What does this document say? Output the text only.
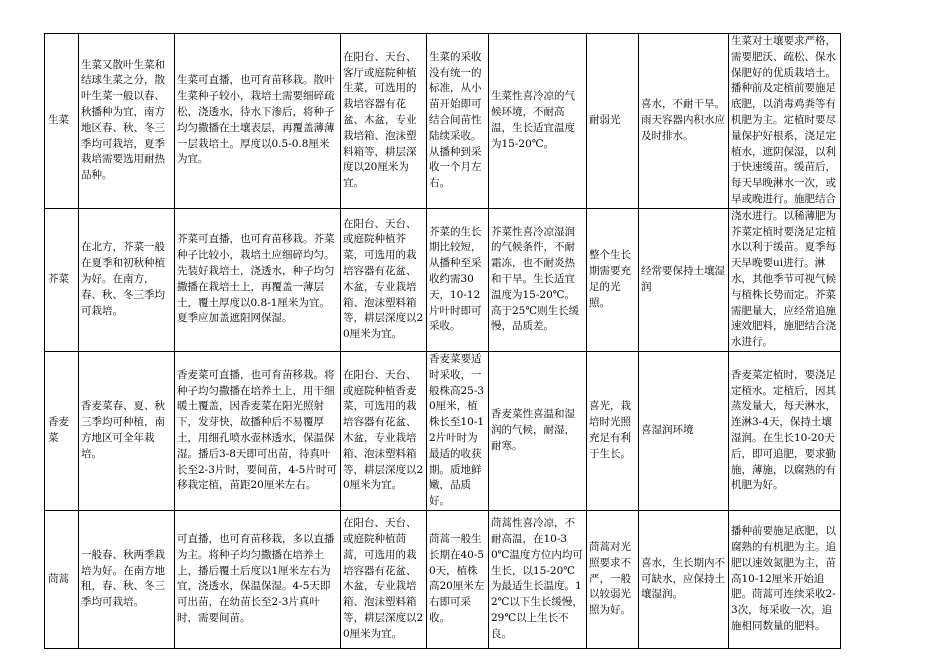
生菜	生菜又散叶生菜和结球生菜之分，散叶生菜一般以春、秋播种为宜，南方地区春、秋、冬三季均可栽培，夏季栽培需要选用耐热品种。	生菜可直播，也可育苗移栽。散叶生菜种子较小，栽培土需要细碎疏松，浇透水，待水下渗后，将种子均匀撒播在土壤表层，再覆盖薄薄一层栽培土。厚度以0.5-0.8厘米为宜。	在阳台、天台、客厅或庭院种植生菜，可选用的栽培容器有花盆、木盆，专业栽培箱、泡沫塑料箱等，耕层深度以20厘米为宜。	生菜的采收没有统一的标准，从小苗开始即可结合间苗性陆续采收。从播种到采收一个月左右。	生菜性喜冷凉的气候环境，不耐高温，生长适宜温度为15-20℃。	耐弱光	喜水，不耐干旱。雨天容器内积水应及时排水。	生菜对土壤要求严格，需要肥沃、疏松、保水保肥好的优质栽培土。播种前及定植前要施足底肥，以消毒鸡粪等有机肥为主。定植时要尽量保护好根系，浇足定植水，遮阴保湿，以利于快速缓苗。缓苗后，每天早晚淋水一次，或早或晚进行。施肥结合
芥菜	在北方，芥菜一般在夏季和初秋种植为好。在南方，春、秋、冬三季均可栽培。	芥菜可直播，也可育苗移栽。芥菜种子比较小，栽培土应细碎均匀。先装好栽培土，浇透水，种子均匀撒播在栽培土上，再覆盖一薄层土，覆土厚度以0.8-1厘米为宜。夏季应加盖遮阳网保湿。	在阳台、天台、或庭院种植芥菜，可选用的栽培容器有花盆、木盆，专业栽培箱、泡沫塑料箱等，耕层深度以20厘米为宜。	芥菜的生长期比较短，从播种至采收约需30天，10-12片叶时即可采收。	芥菜性喜冷凉湿润的气候条件，不耐霜冻，也不耐炎热和干旱。生长适宜温度为15-20℃。高于25℃则生长缓慢，品质差。	整个生长期需要充足的光照。	经常要保持土壤湿润	浇水进行。以稀薄肥为芥菜定植时要浇足定植水以利于缓苗。夏季每天早晚要ui进行。淋水，其他季节可视气候与植株长势而定。芥菜需肥量大，应经常追施速效肥料，施肥结合浇水进行。
香麦菜	香麦菜春、夏、秋三季均可种植，南方地区可全年栽培。	香麦菜可直播，也可育苗移栽。将种子均匀撒播在培养土上，用干细暖土覆盖，因香麦菜在阳光照射下，发芽快，故播种后不易覆厚土，用细孔喷水壶林透水，保温保湿。播后3-8天即可出苗，待真叶长至2-3片时，要间苗，4-5片时可移栽定植，苗距20厘米左右。	在阳台、天台、或庭院种植香麦菜，可选用的栽培容器有花盆、木盆，专业栽培箱、泡沫塑料箱等，耕层深度以20厘米为宜。	香麦菜要适时采收，一般株高25-30厘米，植株长至10-12片叶时为最适的收获期。质地鲜嫩，品质好。	香麦菜性喜温和湿润的气候，耐湿，耐寒。	喜光，栽培时光照充足有利于生长。	喜湿润环境	香麦菜定植时，要浇足定植水。定植后，因其蒸发量大，每天淋水，连淋3-4天，保持土壤湿润。在生长10-20天后，即可追肥，要求勤施，薄施，以腐熟的有机肥为好。
茼蒿	一般春、秋两季栽培为好。在南方地租，春、秋、冬三季均可栽培。	可直播，也可育苗移栽，多以直播为主。将种子均匀撒播在培养土上，播后覆土后度以1厘米左右为宜，浇透水，保温保湿。4-5天即可出苗，在幼苗长至2-3片真叶时，需要间苗。	在阳台、天台、或庭院种植茼蒿，可选用的栽培容器有花盆、木盆，专业栽培箱、泡沫塑料箱等，耕层深度以20厘米为宜。	茼蒿一般生长期在40-50天，植株高20厘米左右即可采收。	茼蒿性喜冷凉，不耐高温，在10-30℃温度方位内均可生长，以15-20℃为最适生长温度。12℃以下生长缓慢，29℃以上生长不良。	茼蒿对光照要求不严，一般以较弱光照为好。	喜水，生长期内不可缺水，应保持土壤湿润。	播种前要施足底肥，以腐熟的有机肥为主。追肥以速效氮肥为主，苗高10-12厘米开始追肥。茼蒿可连续采收2-3次，每采收一次，追施相同数量的肥料。
